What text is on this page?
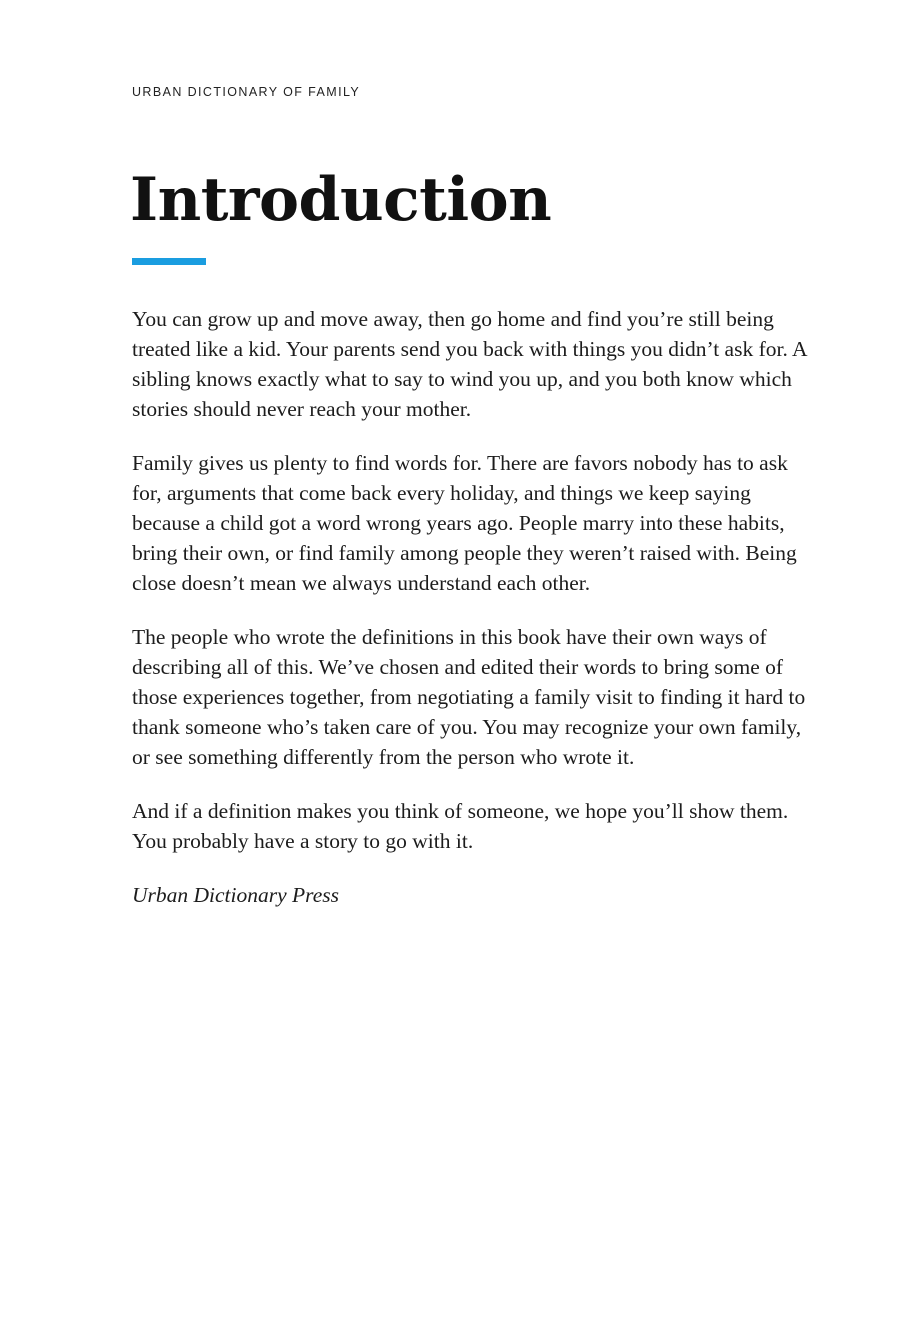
URBAN DICTIONARY OF FAMILY
Introduction

You can grow up and move away, then go home and find you’re still being treated like a kid. Your parents send you back with things you didn’t ask for. A sibling knows exactly what to say to wind you up, and you both know which stories should never reach your mother.

Family gives us plenty to find words for. There are favors nobody has to ask for, arguments that come back every holiday, and things we keep saying because a child got a word wrong years ago. People marry into these habits, bring their own, or find family among people they weren’t raised with. Being close doesn’t mean we always understand each other.

The people who wrote the definitions in this book have their own ways of describing all of this. We’ve chosen and edited their words to bring some of those experiences together, from negotiating a family visit to finding it hard to thank someone who’s taken care of you. You may recognize your own family, or see something differently from the person who wrote it.

And if a definition makes you think of someone, we hope you’ll show them. You probably have a story to go with it.

Urban Dictionary Press
